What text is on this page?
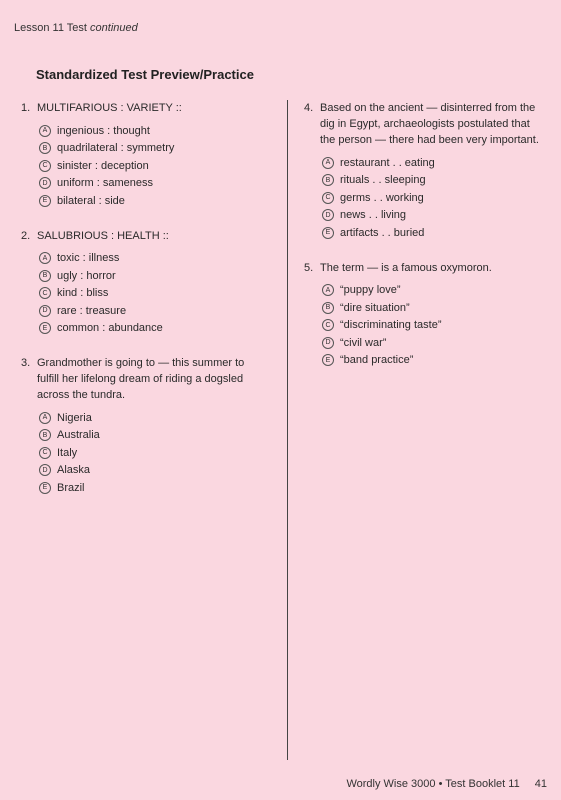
Lesson 11 Test continued
Standardized Test Preview/Practice
1. MULTIFARIOUS : VARIETY ::
A ingenious : thought
B quadrilateral : symmetry
C sinister : deception
D uniform : sameness
E bilateral : side
2. SALUBRIOUS : HEALTH ::
A toxic : illness
B ugly : horror
C kind : bliss
D rare : treasure
E common : abundance
3. Grandmother is going to — this summer to fulfill her lifelong dream of riding a dogsled across the tundra.
A Nigeria
B Australia
C Italy
D Alaska
E Brazil
4. Based on the ancient — disinterred from the dig in Egypt, archaeologists postulated that the person — there had been very important.
A restaurant . . eating
B rituals . . sleeping
C germs . . working
D news . . living
E artifacts . . buried
5. The term — is a famous oxymoron.
A “puppy love”
B “dire situation”
C “discriminating taste”
D “civil war”
E “band practice”
Wordly Wise 3000 • Test Booklet 11 41
